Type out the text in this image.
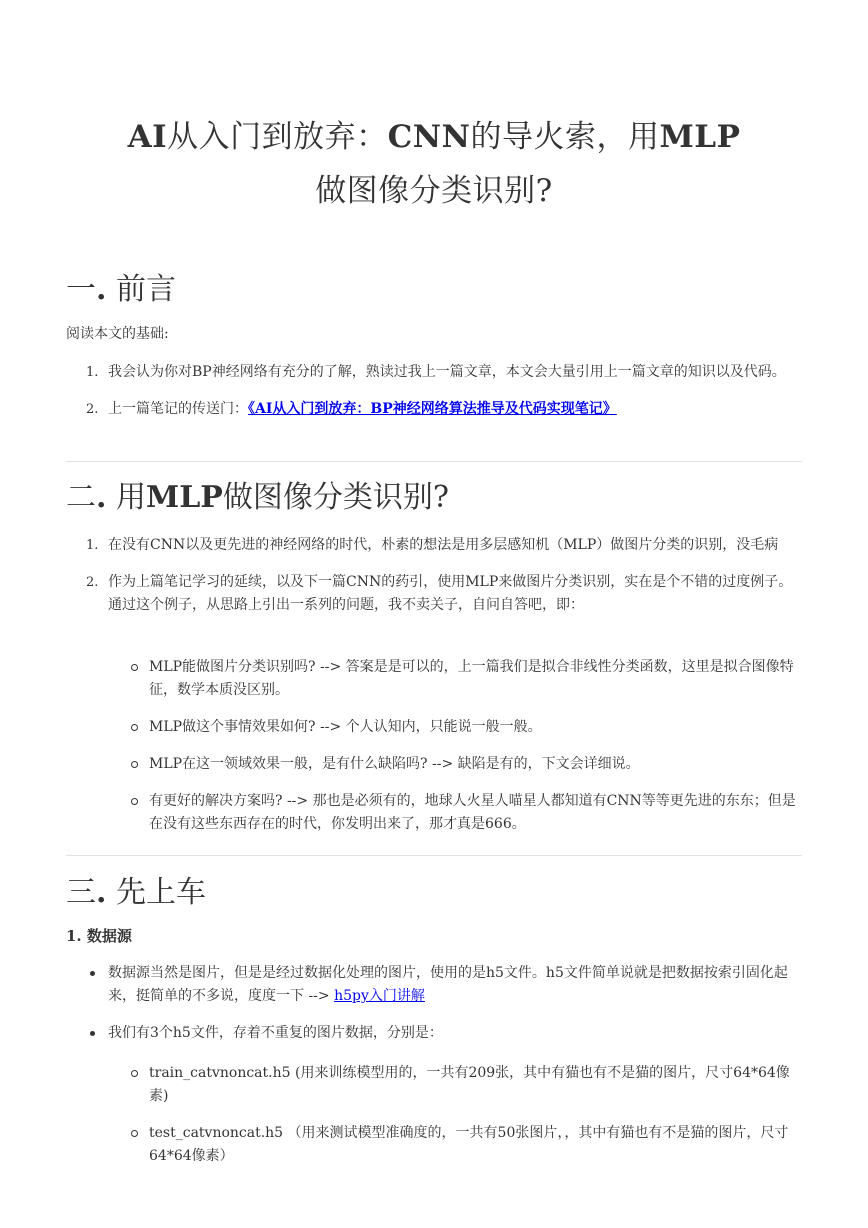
AI从入门到放弃：CNN的导火索，用MLP
做图像分类识别?
一. 前言

阅读本文的基础:

1. 我会认为你对BP神经网络有充分的了解，熟读过我上一篇文章，本文会大量引用上一篇文章的知识以及代码。
2. 上一篇笔记的传送门：《AI从入门到放弃：BP神经网络算法推导及代码实现笔记》
二. 用MLP做图像分类识别?
1. 在没有CNN以及更先进的神经网络的时代，朴素的想法是用多层感知机（MLP）做图片分类的识别，没毛病
2. 作为上篇笔记学习的延续，以及下一篇CNN的药引，使用MLP来做图片分类识别，实在是个不错的过度例子。通过这个例子，从思路上引出一系列的问题，我不卖关子，自问自答吧，即：
MLP能做图片分类识别吗? --> 答案是是可以的，上一篇我们是拟合非线性分类函数，这里是拟合图像特征，数学本质没区别。
MLP做这个事情效果如何? --> 个人认知内，只能说一般一般。
MLP在这一领域效果一般，是有什么缺陷吗? --> 缺陷是有的，下文会详细说。
有更好的解决方案吗? --> 那也是必须有的，地球人火星人喵星人都知道有CNN等等更先进的东东；但是在没有这些东西存在的时代，你发明出来了，那才真是666。
三. 先上车
1. 数据源
数据源当然是图片，但是是经过数据化处理的图片，使用的是h5文件。h5文件简单说就是把数据按索引固化起来，挺简单的不多说，度度一下 --> h5py入门讲解
我们有3个h5文件，存着不重复的图片数据，分别是：
train_catvnoncat.h5 (用来训练模型用的，一共有209张，其中有猫也有不是猫的图片，尺寸64*64像素)
test_catvnoncat.h5 （用来测试模型准确度的，一共有50张图片，，其中有猫也有不是猫的图片，尺寸64*64像素）
